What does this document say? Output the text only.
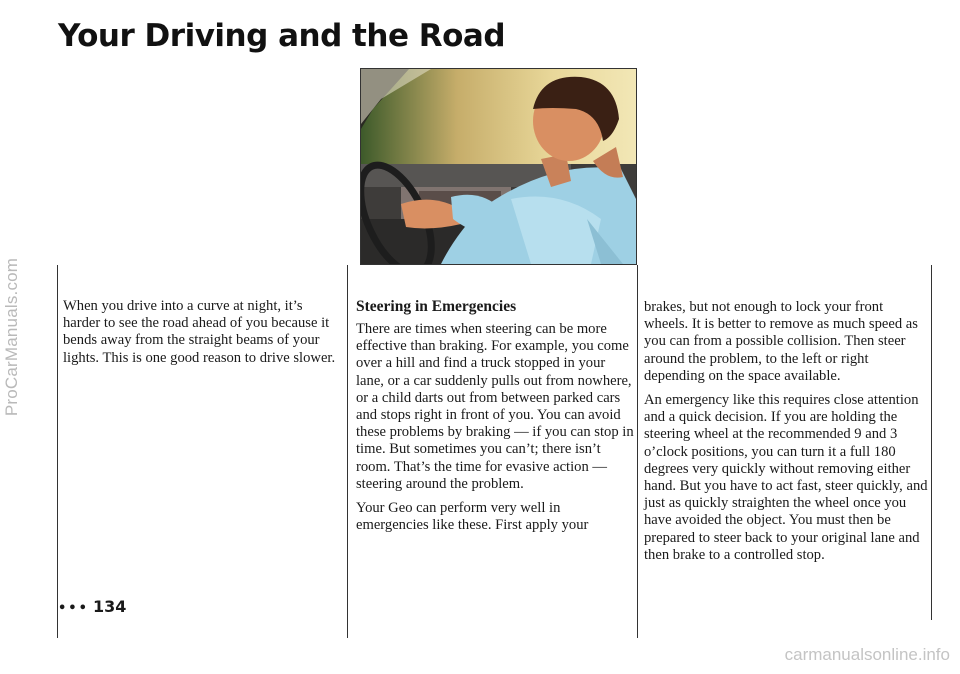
ProCarManuals.com
Your Driving and the Road

When you drive into a curve at night, it’s harder to see the road ahead of you because it bends away from the straight beams of your lights. This is one good reason to drive slower.

Steering in Emergencies

There are times when steering can be more effective than braking. For example, you come over a hill and find a truck stopped in your lane, or a car suddenly pulls out from nowhere, or a child darts out from between parked cars and stops right in front of you. You can avoid these problems by braking — if you can stop in time. But sometimes you can’t; there isn’t room. That’s the time for evasive action — steering around the problem.

Your Geo can perform very well in emergencies like these. First apply your

brakes, but not enough to lock your front wheels. It is better to remove as much speed as you can from a possible collision. Then steer around the problem, to the left or right depending on the space available.

An emergency like this requires close attention and a quick decision. If you are holding the steering wheel at the recommended 9 and 3 o’clock positions, you can turn it a full 180 degrees very quickly without removing either hand. But you have to act fast, steer quickly, and just as quickly straighten the wheel once you have avoided the object. You must then be prepared to steer back to your original lane and then brake to a controlled stop.

••• 134
carmanualsonline.info
